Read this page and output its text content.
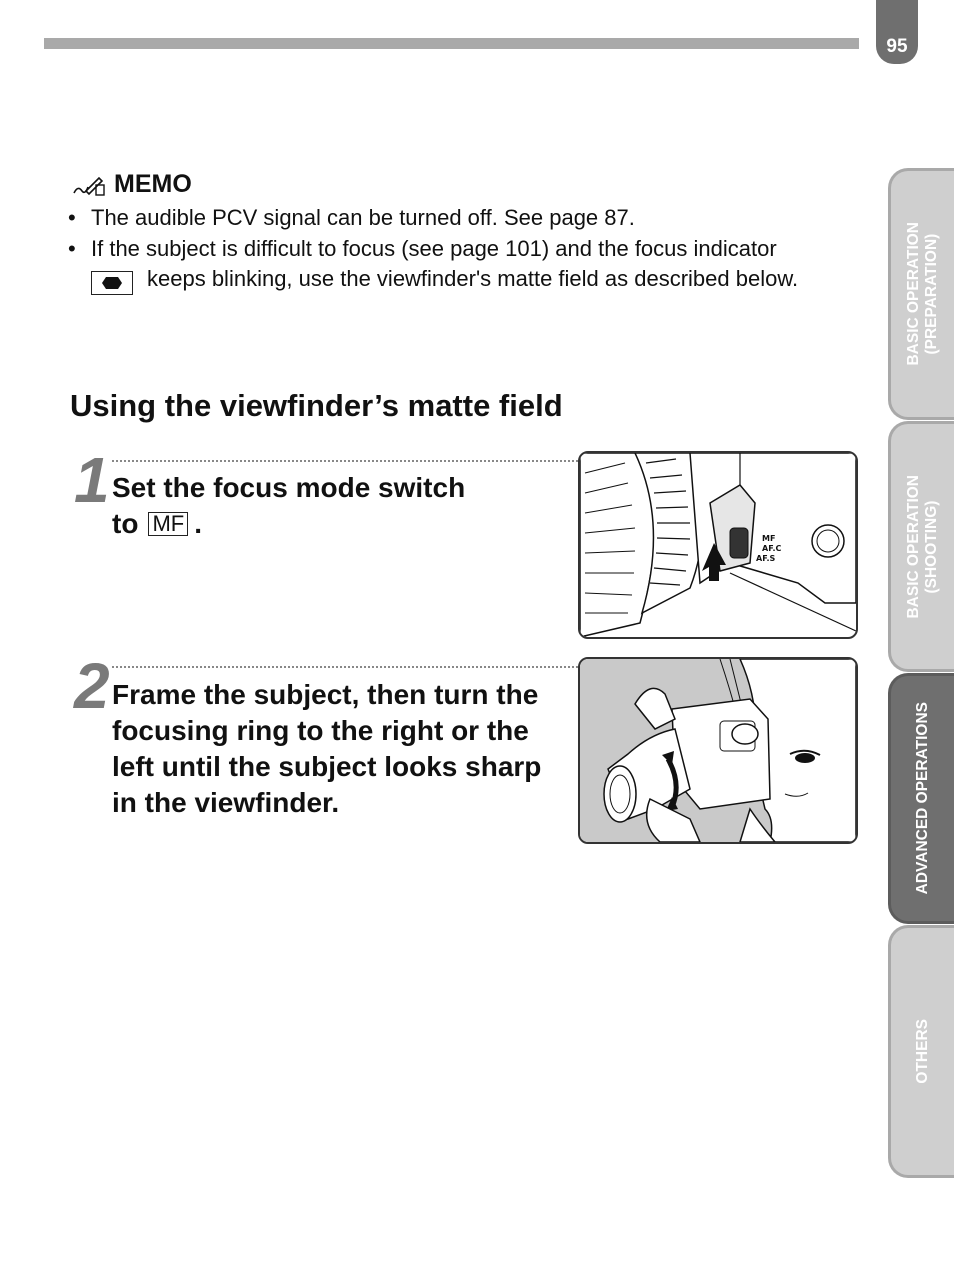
95
MEMO
• The audible PCV signal can be turned off. See page 87.
• If the subject is difficult to focus (see page 101) and the focus indicator

keeps blinking, use the viewfinder's matte field as described below.
Using the viewfinder’s matte field
1 Set the focus mode switch
to MF .	MF
AF.C
AF.S
2 Frame the subject, then turn the focusing ring to the right or the left until the subject looks sharp in the viewfinder.

BASIC OPERATION
(PREPARATION)
BASIC OPERATION
(SHOOTING)
ADVANCED OPERATIONS
OTHERS
